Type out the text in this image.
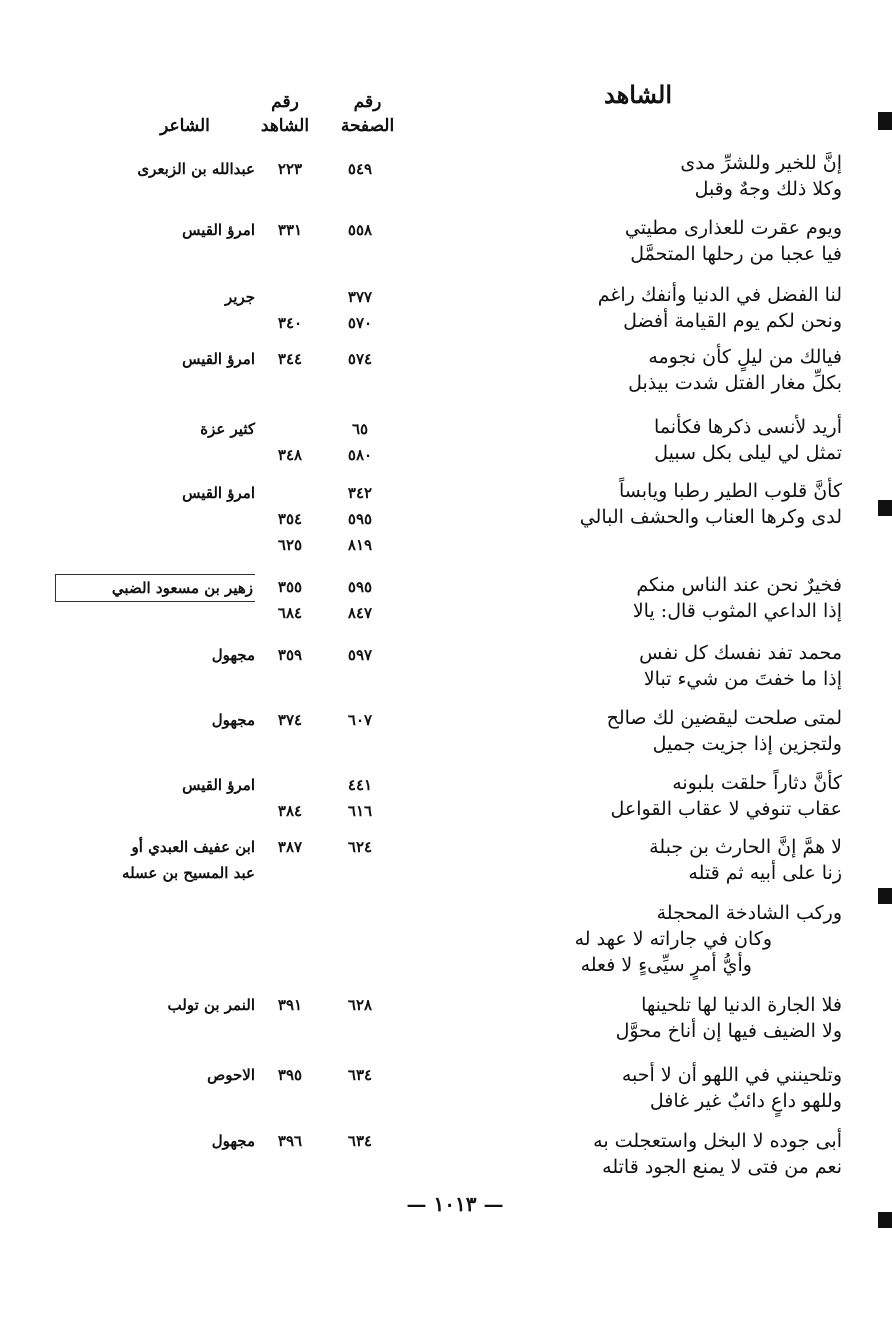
الشاهد
رقم
الصفحة
رقم
الشاهد
الشاعر
إنَّ للخير وللشرِّ مدى
وكلا ذلك وجهٌ وقبل
٥٤٩
٢٢٣
عبدالله بن الزبعرى
ويوم عقرت للعذارى مطيتي
فيا عجبا من رحلها المتحمَّل
٥٥٨
٣٣١
امرؤ القيس
لنا الفضل في الدنيا وأنفك راغم
ونحن لكم يوم القيامة أفضل
٣٧٧
٥٧٠
٣٤٠
جرير
فيالك من ليلٍ كأن نجومه
بكلِّ مغار الفتل شدت بيذبل
٥٧٤
٣٤٤
امرؤ القيس
أريد لأنسى ذكرها فكأنما
تمثل لي ليلى بكل سبيل
٦٥
٥٨٠
٣٤٨
كثير عزة
كأنَّ قلوب الطير رطبا ويابساً
لدى وكرها العناب والحشف البالي
٣٤٢
٥٩٥
٨١٩
٣٥٤
٦٢٥
امرؤ القيس
فخيرٌ نحن عند الناس منكم
إذا الداعي المثوب قال: يالا
٥٩٥
٨٤٧
٣٥٥
٦٨٤
زهير بن مسعود الضبي
محمد تفد نفسك كل نفس
إذا ما خفتَ من شيء تبالا
٥٩٧
٣٥٩
مجهول
لمتى صلحت ليقضين لك صالح
ولتجزين إذا جزيت جميل
٦٠٧
٣٧٤
مجهول
كأنَّ دثاراً حلقت بلبونه
عقاب تنوفي لا عقاب القواعل
٤٤١
٦١٦
٣٨٤
امرؤ القيس
لا همَّ إنَّ الحارث بن جبلة
زنا على أبيه ثم قتله
٦٢٤
٣٨٧
ابن عفيف العبدي أو
عبد المسيح بن عسله
وركب الشادخة المحجلة
وكان في جاراته لا عهد له
وأيُّ أمرٍ سيِّىءٍ لا فعله
فلا الجارة الدنيا لها تلحينها
ولا الضيف فيها إن أناخ محوَّل
٦٢٨
٣٩١
النمر بن تولب
وتلحينني في اللهو أن لا أحبه
وللهو داعٍ دائبٌ غير غافل
٦٣٤
٣٩٥
الاحوص
أبى جوده لا البخل واستعجلت به
نعم من فتى لا يمنع الجود قاتله
٦٣٤
٣٩٦
مجهول
— ١٠١٣ —
